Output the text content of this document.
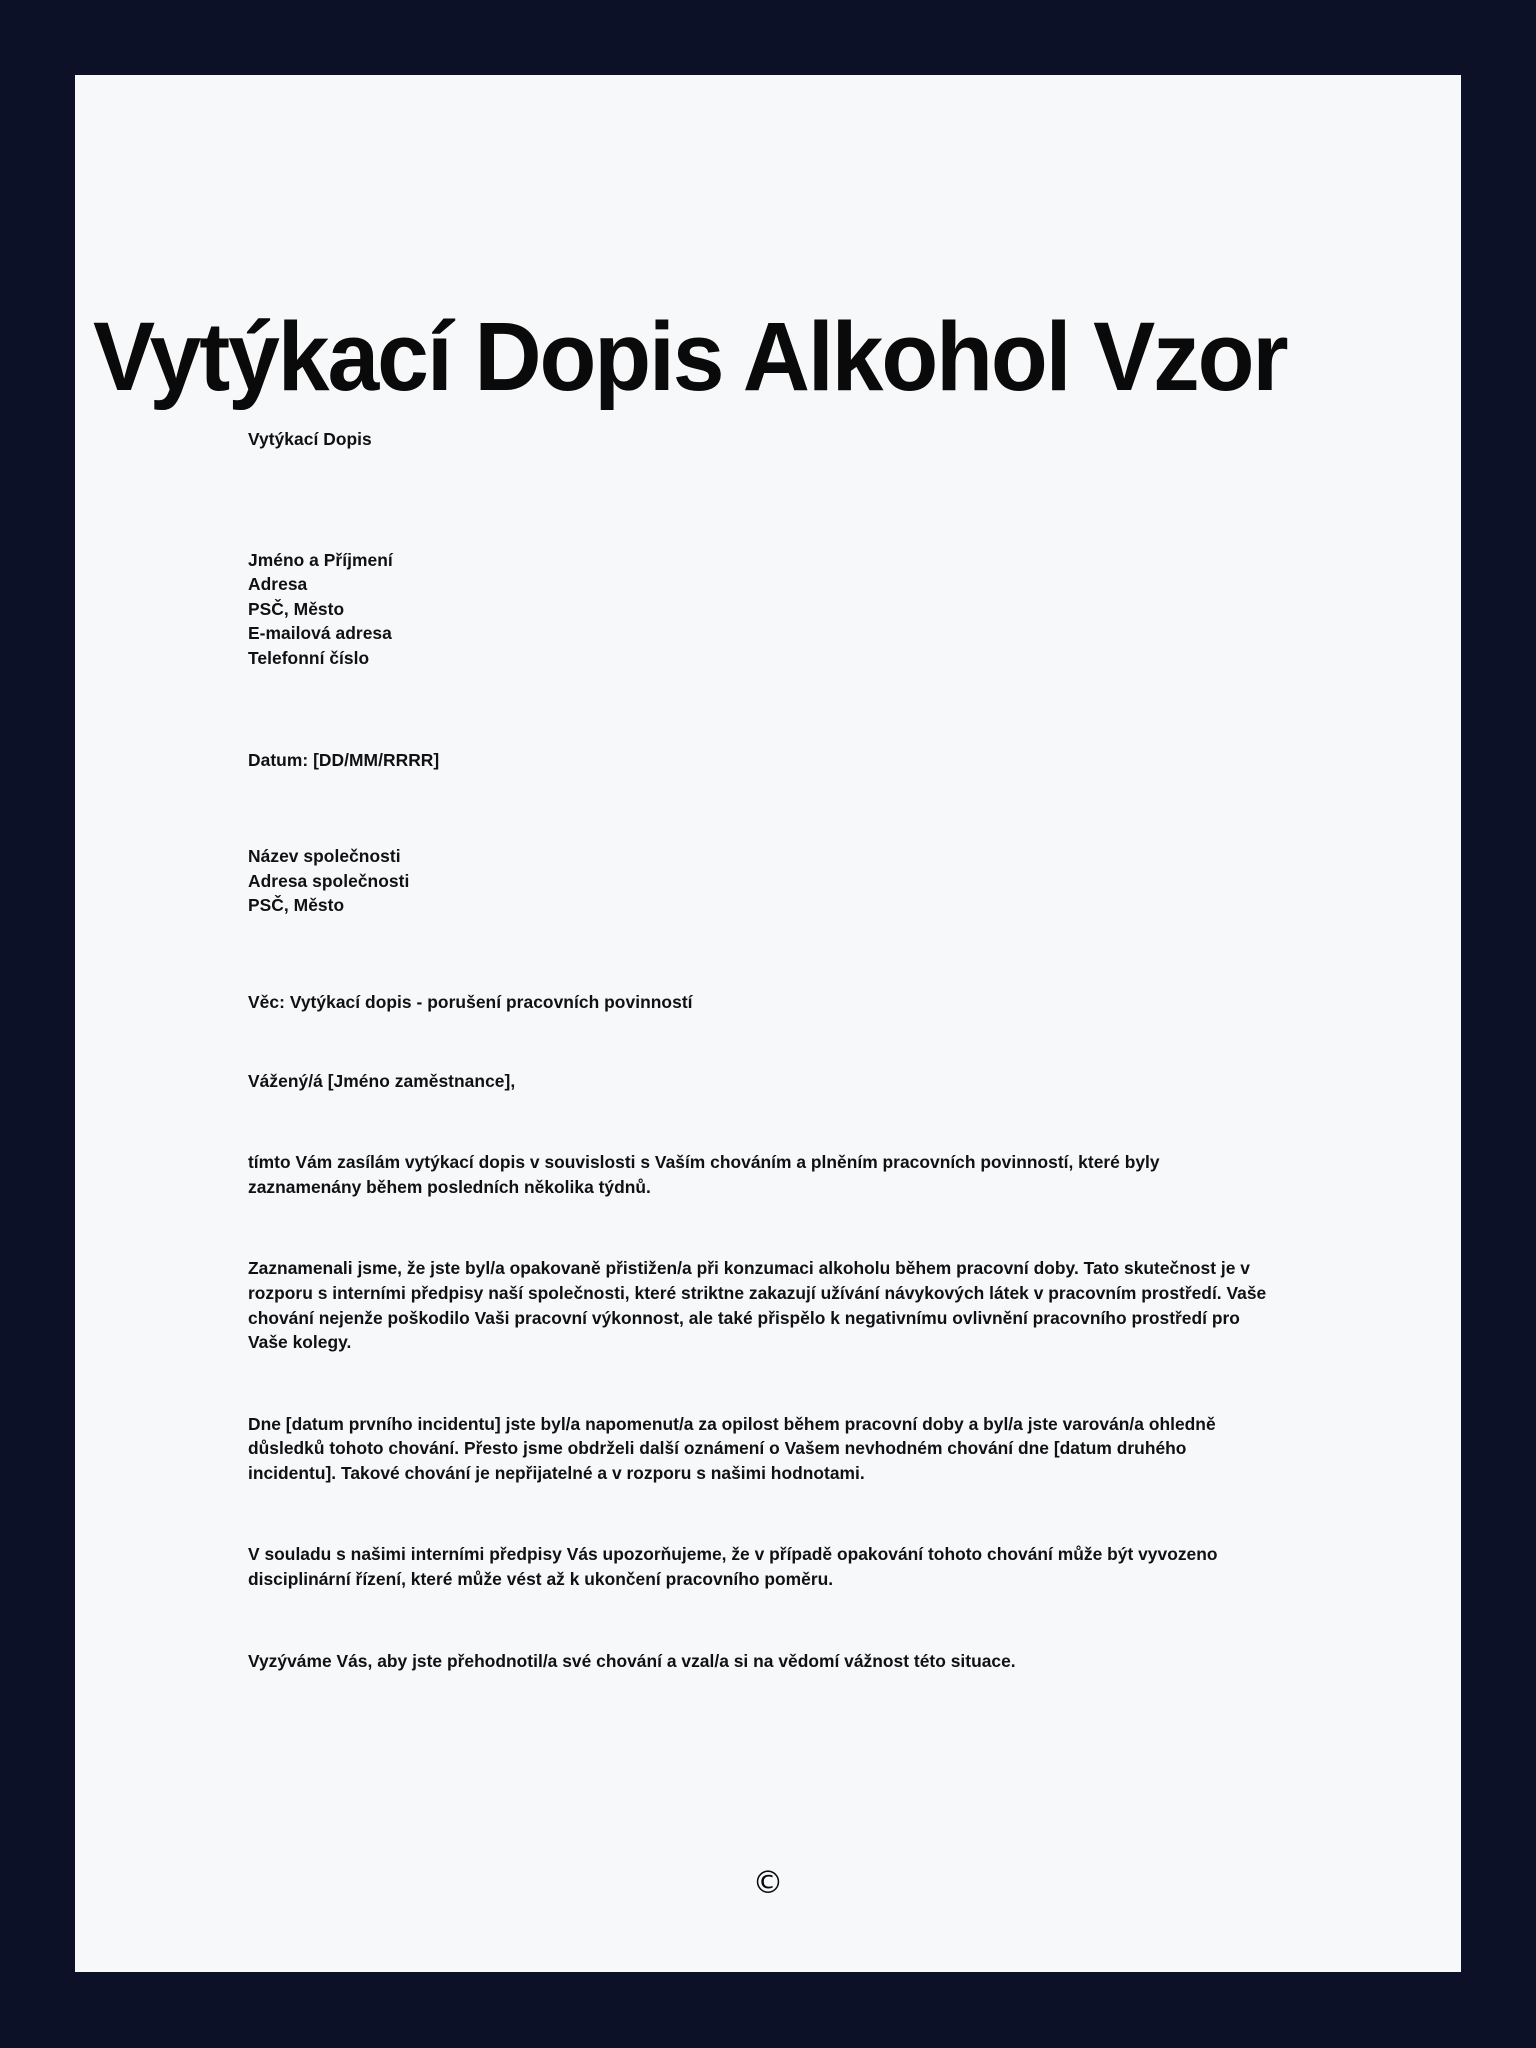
Vytýkací Dopis Alkohol Vzor
Vytýkací Dopis
Jméno a Příjmení
Adresa
PSČ, Město
E-mailová adresa
Telefonní číslo
Datum: [DD/MM/RRRR]
Název společnosti
Adresa společnosti
PSČ, Město
Věc: Vytýkací dopis - porušení pracovních povinností
Vážený/á [Jméno zaměstnance],
tímto Vám zasílám vytýkací dopis v souvislosti s Vaším chováním a plněním pracovních povinností, které byly zaznamenány během posledních několika týdnů.
Zaznamenali jsme, že jste byl/a opakovaně přistižen/a při konzumaci alkoholu během pracovní doby. Tato skutečnost je v rozporu s interními předpisy naší společnosti, které striktne zakazují užívání návykových látek v pracovním prostředí. Vaše chování nejenže poškodilo Vaši pracovní výkonnost, ale také přispělo k negativnímu ovlivnění pracovního prostředí pro Vaše kolegy.
Dne [datum prvního incidentu] jste byl/a napomenut/a za opilost během pracovní doby a byl/a jste varován/a ohledně důsledků tohoto chování. Přesto jsme obdrželi další oznámení o Vašem nevhodném chování dne [datum druhého incidentu]. Takové chování je nepřijatelné a v rozporu s našimi hodnotami.
V souladu s našimi interními předpisy Vás upozorňujeme, že v případě opakování tohoto chování může být vyvozeno disciplinární řízení, které může vést až k ukončení pracovního poměru.
Vyzýváme Vás, aby jste přehodnotil/a své chování a vzal/a si na vědomí vážnost této situace.
©
